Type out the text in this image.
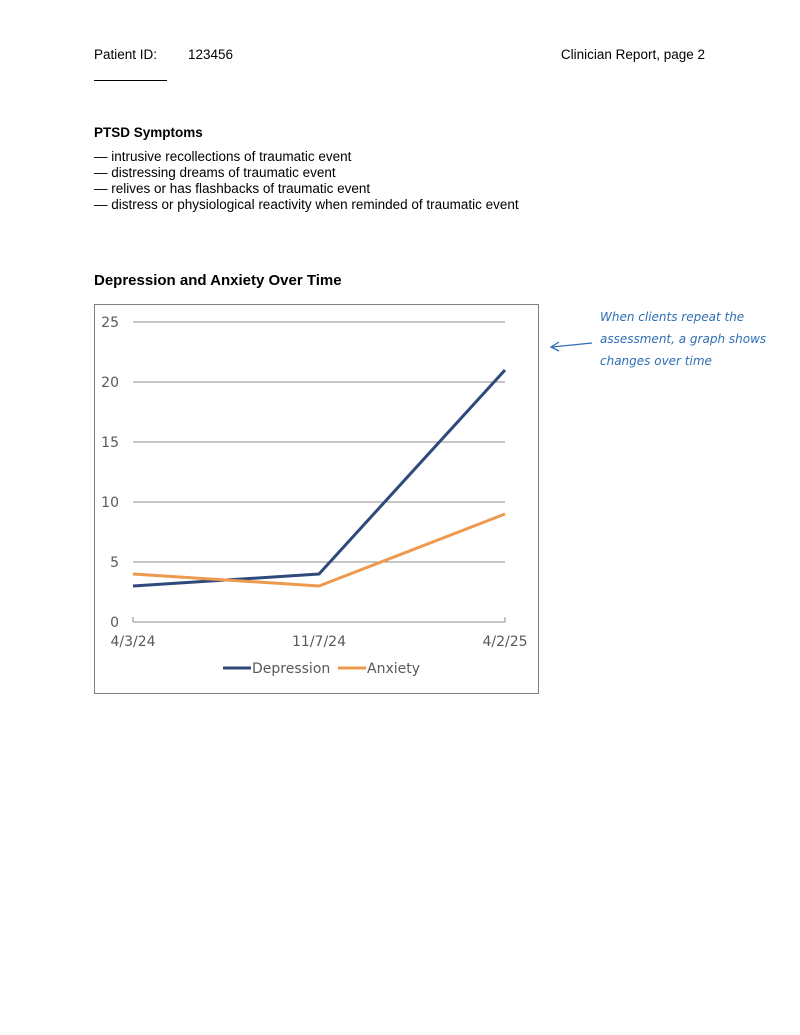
Patient ID: 123456	Clinician Report, page 2
PTSD Symptoms
— intrusive recollections of traumatic event
— distressing dreams of traumatic event
— relives or has flashbacks of traumatic event
— distress or physiological reactivity when reminded of traumatic event
Depression and Anxiety Over Time
0
5
10
15
20
25
4/3/24	11/7/24	4/2/25
Depression	Anxiety
When clients repeat the assessment, a graph shows changes over time
